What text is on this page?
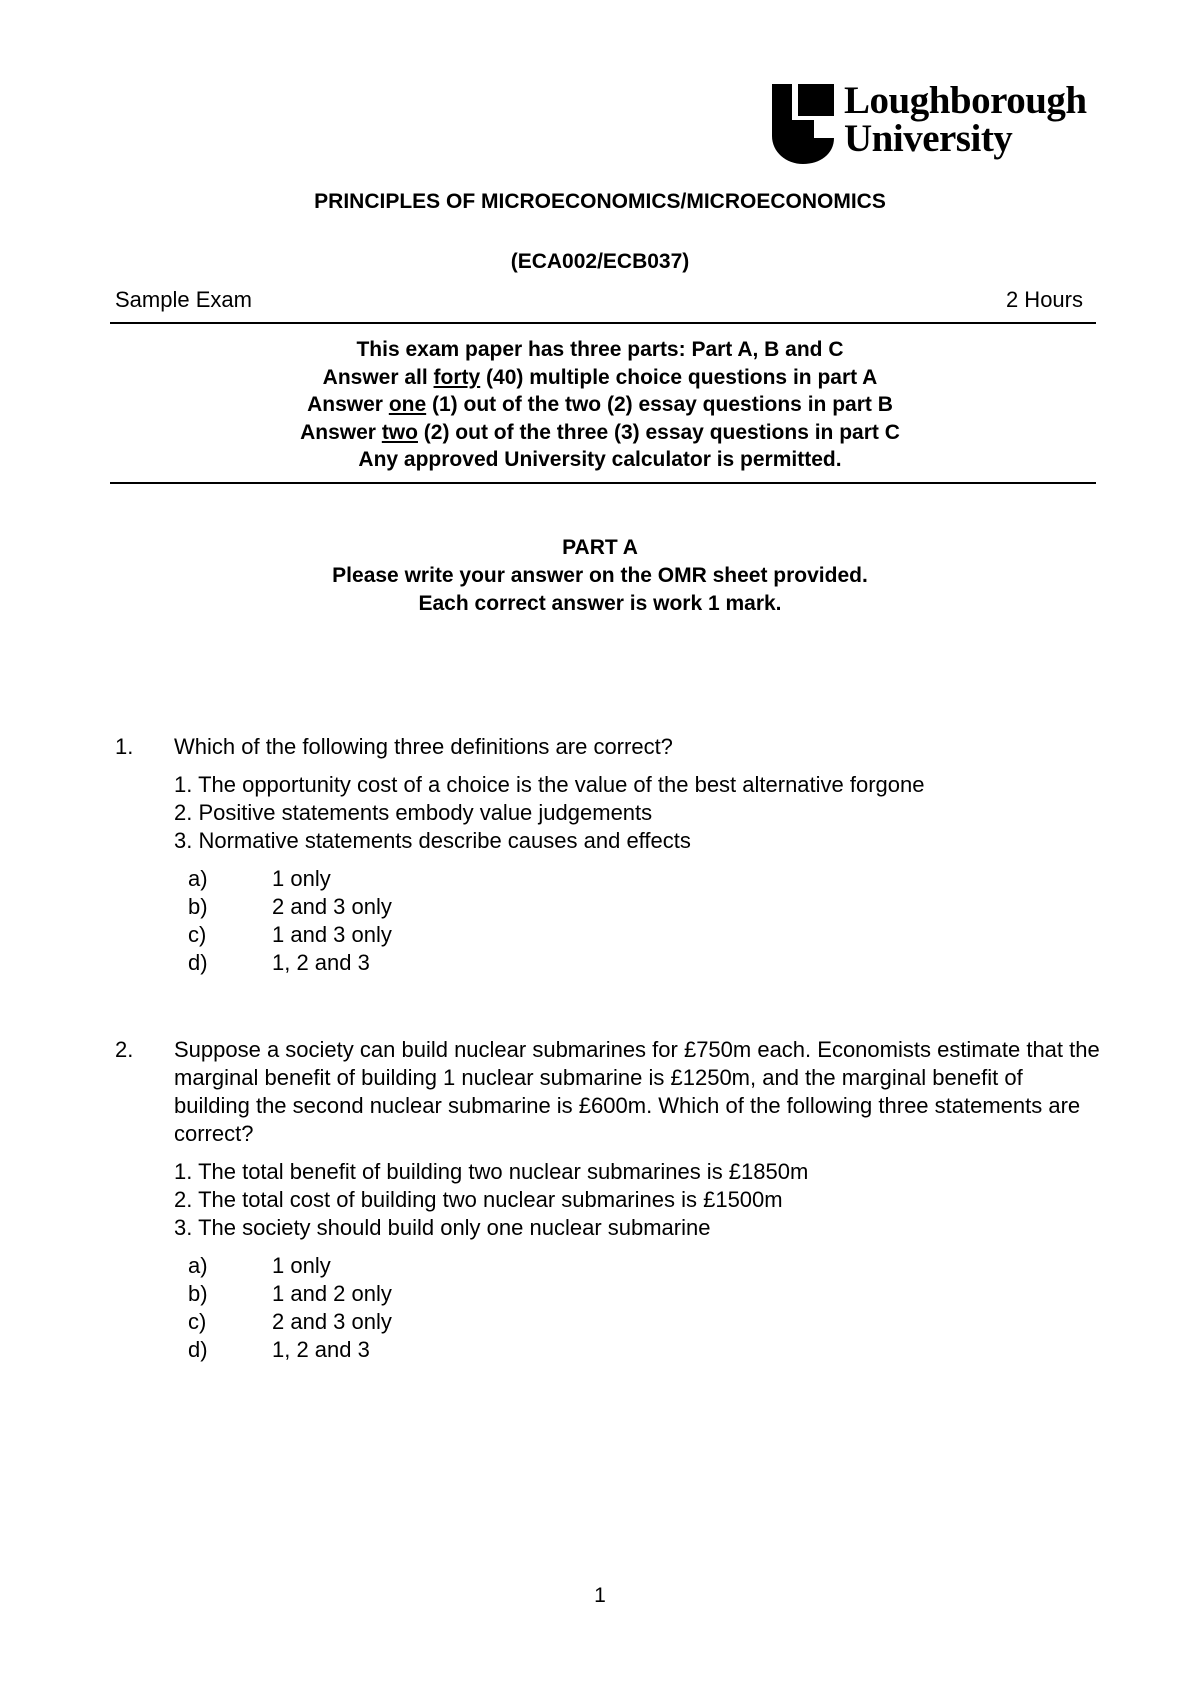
Loughborough
University
PRINCIPLES OF MICROECONOMICS/MICROECONOMICS
(ECA002/ECB037)
Sample Exam	2 Hours
This exam paper has three parts: Part A, B and C
Answer all forty (40) multiple choice questions in part A
Answer one (1) out of the two (2) essay questions in part B
Answer two (2) out of the three (3) essay questions in part C
Any approved University calculator is permitted.
PART A
Please write your answer on the OMR sheet provided.
Each correct answer is work 1 mark.
1. Which of the following three definitions are correct?

1. The opportunity cost of a choice is the value of the best alternative forgone

2. Positive statements embody value judgements

3. Normative statements describe causes and effects

a)	1 only
b)	2 and 3 only
c)	1 and 3 only
d)	1, 2 and 3
2. Suppose a society can build nuclear submarines for £750m each. Economists estimate that the marginal benefit of building 1 nuclear submarine is £1250m, and the marginal benefit of building the second nuclear submarine is £600m. Which of the following three statements are correct?

1. The total benefit of building two nuclear submarines is £1850m

2. The total cost of building two nuclear submarines is £1500m

3. The society should build only one nuclear submarine

a)	1 only
b)	1 and 2 only
c)	2 and 3 only
d)	1, 2 and 3
1
